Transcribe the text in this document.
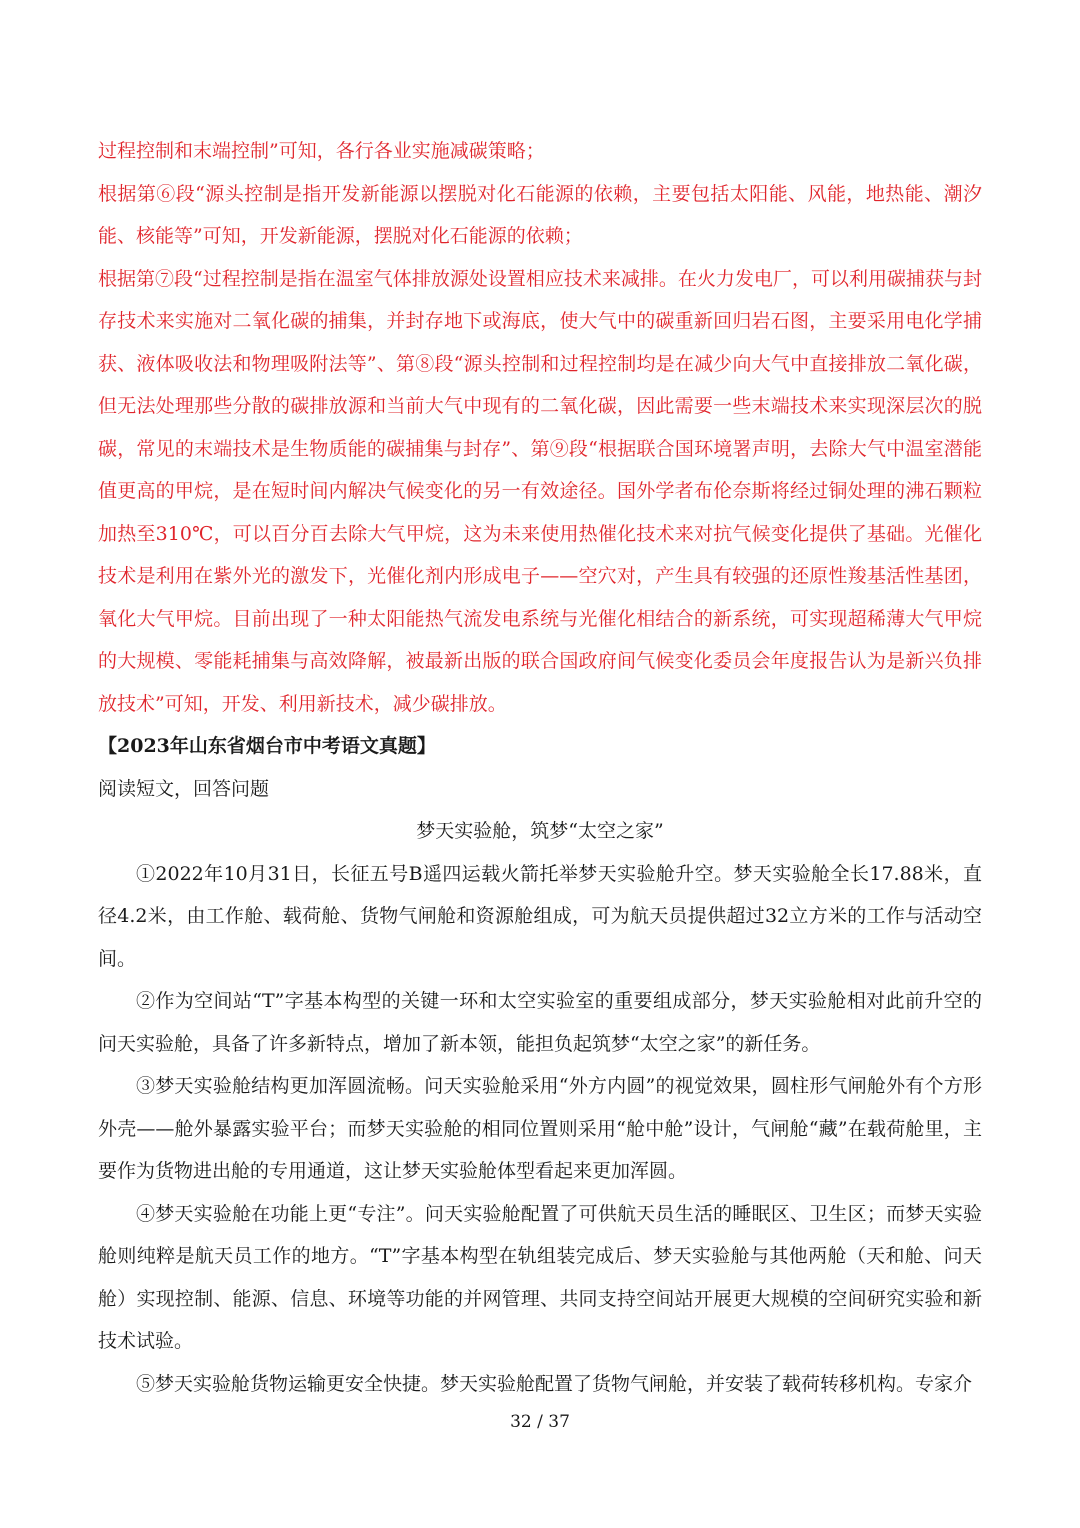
过程控制和末端控制”可知，各行各业实施减碳策略；

根据第⑥段“源头控制是指开发新能源以摆脱对化石能源的依赖，主要包括太阳能、风能，地热能、潮汐能、核能等”可知，开发新能源，摆脱对化石能源的依赖；

根据第⑦段“过程控制是指在温室气体排放源处设置相应技术来减排。在火力发电厂，可以利用碳捕获与封存技术来实施对二氧化碳的捕集，并封存地下或海底，使大气中的碳重新回归岩石图，主要采用电化学捕获、液体吸收法和物理吸附法等”、第⑧段“源头控制和过程控制均是在减少向大气中直接排放二氧化碳，但无法处理那些分散的碳排放源和当前大气中现有的二氧化碳，因此需要一些末端技术来实现深层次的脱碳，常见的末端技术是生物质能的碳捕集与封存”、第⑨段“根据联合国环境署声明，去除大气中温室潜能值更高的甲烷，是在短时间内解决气候变化的另一有效途径。国外学者布伦奈斯将经过铜处理的沸石颗粒加热至310℃，可以百分百去除大气甲烷，这为未来使用热催化技术来对抗气候变化提供了基础。光催化技术是利用在紫外光的激发下，光催化剂内形成电子——空穴对，产生具有较强的还原性羧基活性基团，氧化大气甲烷。目前出现了一种太阳能热气流发电系统与光催化相结合的新系统，可实现超稀薄大气甲烷的大规模、零能耗捕集与高效降解，被最新出版的联合国政府间气候变化委员会年度报告认为是新兴负排放技术”可知，开发、利用新技术，减少碳排放。

【2023年山东省烟台市中考语文真题】

阅读短文，回答问题

梦天实验舱，筑梦“太空之家”

①2022年10月31日，长征五号B遥四运载火箭托举梦天实验舱升空。梦天实验舱全长17.88米，直径4.2米，由工作舱、载荷舱、货物气闸舱和资源舱组成，可为航天员提供超过32立方米的工作与活动空间。

②作为空间站“T”字基本构型的关键一环和太空实验室的重要组成部分，梦天实验舱相对此前升空的问天实验舱，具备了许多新特点，增加了新本领，能担负起筑梦“太空之家”的新任务。

③梦天实验舱结构更加浑圆流畅。问天实验舱采用“外方内圆”的视觉效果，圆柱形气闸舱外有个方形外壳——舱外暴露实验平台；而梦天实验舱的相同位置则采用“舱中舱”设计，气闸舱“藏”在载荷舱里，主要作为货物进出舱的专用通道，这让梦天实验舱体型看起来更加浑圆。

④梦天实验舱在功能上更“专注”。问天实验舱配置了可供航天员生活的睡眠区、卫生区；而梦天实验舱则纯粹是航天员工作的地方。“T”字基本构型在轨组装完成后、梦天实验舱与其他两舱（天和舱、问天舱）实现控制、能源、信息、环境等功能的并网管理、共同支持空间站开展更大规模的空间研究实验和新技术试验。

⑤梦天实验舱货物运输更安全快捷。梦天实验舱配置了货物气闸舱，并安装了载荷转移机构。专家介

32 / 37
